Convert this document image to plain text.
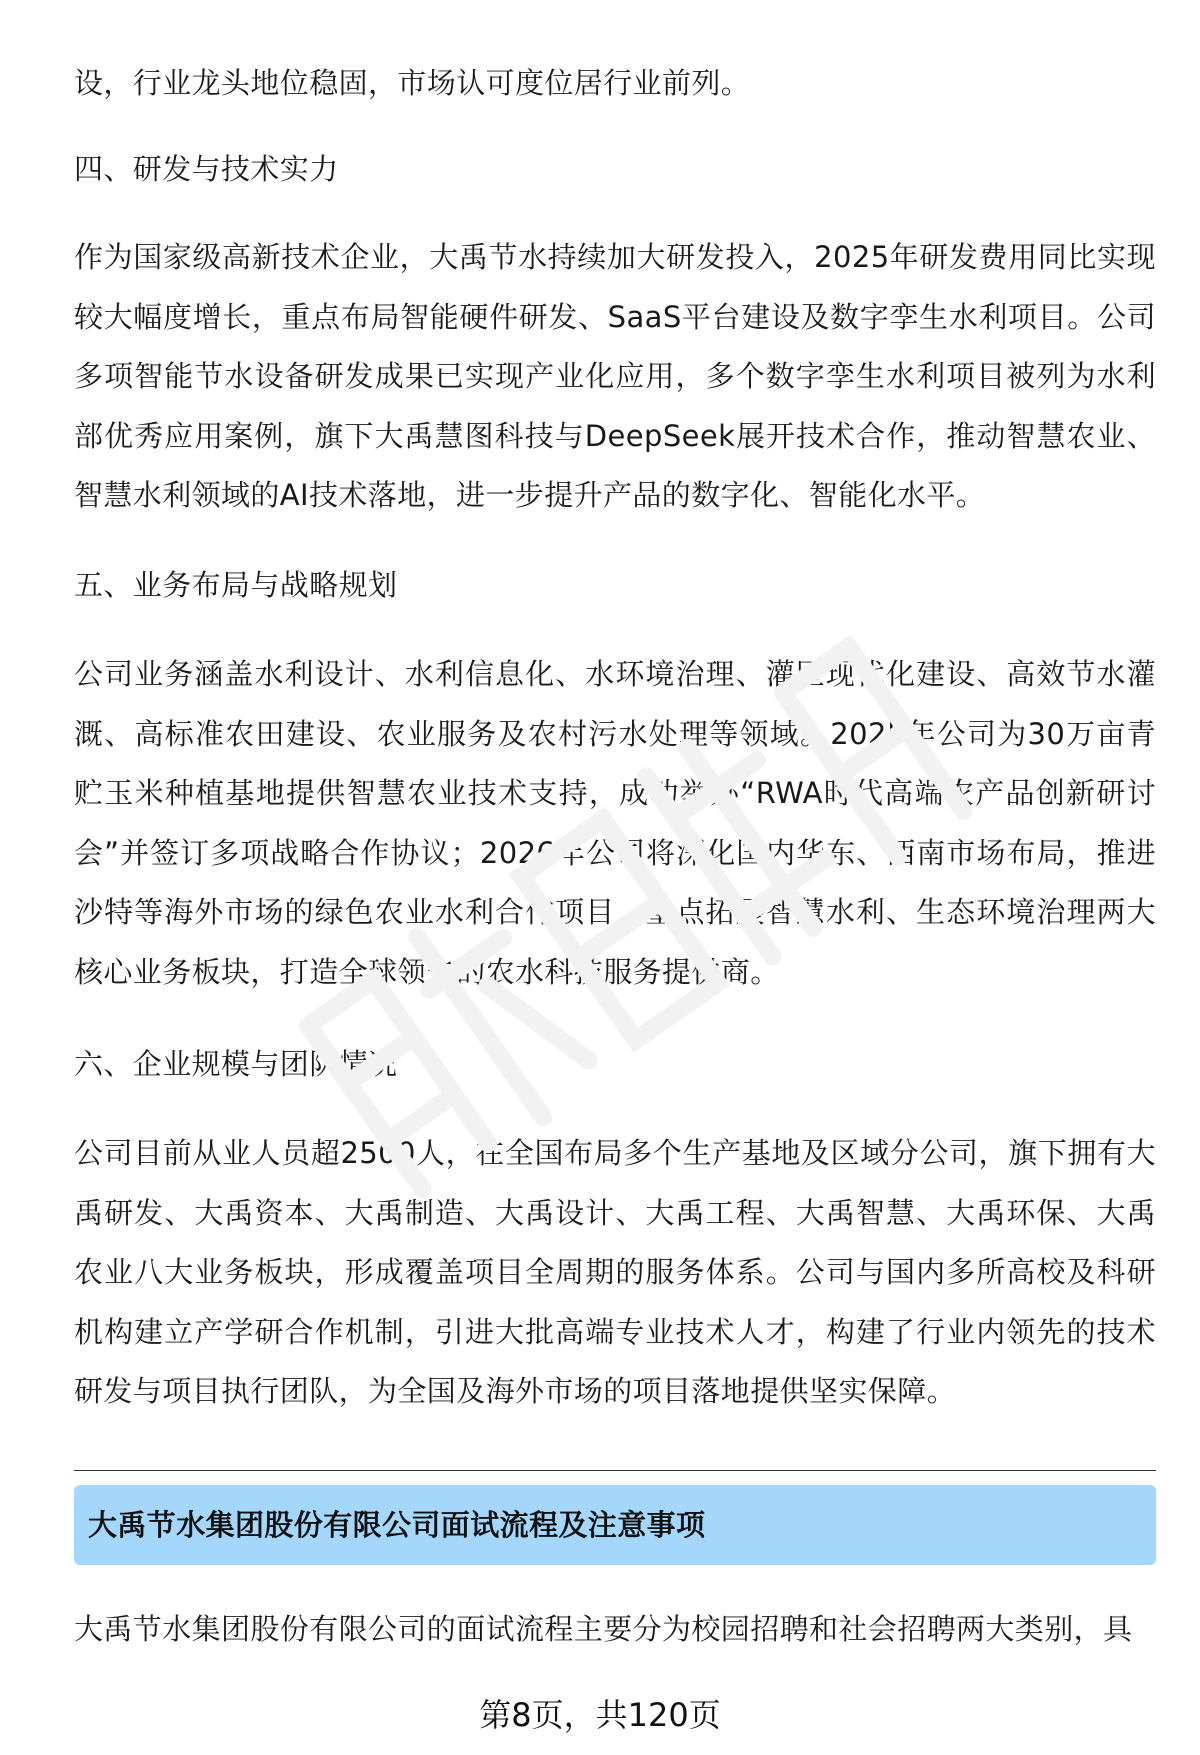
设，行业龙头地位稳固，市场认可度位居行业前列。

四、研发与技术实力

作为国家级高新技术企业，大禹节水持续加大研发投入，2025年研发费用同比实现较大幅度增长，重点布局智能硬件研发、SaaS平台建设及数字孪生水利项目。公司多项智能节水设备研发成果已实现产业化应用，多个数字孪生水利项目被列为水利部优秀应用案例，旗下大禹慧图科技与DeepSeek展开技术合作，推动智慧农业、智慧水利领域的AI技术落地，进一步提升产品的数字化、智能化水平。

五、业务布局与战略规划

公司业务涵盖水利设计、水利信息化、水环境治理、灌区现代化建设、高效节水灌溉、高标准农田建设、农业服务及农村污水处理等领域。2025年公司为30万亩青贮玉米种植基地提供智慧农业技术支持，成功举办“RWA时代高端农产品创新研讨会”并签订多项战略合作协议；2026年公司将深化国内华东、西南市场布局，推进沙特等海外市场的绿色农业水利合作项目，重点拓展智慧水利、生态环境治理两大核心业务板块，打造全球领先的农水科技服务提供商。

六、企业规模与团队情况

公司目前从业人员超2500人，在全国布局多个生产基地及区域分公司，旗下拥有大禹研发、大禹资本、大禹制造、大禹设计、大禹工程、大禹智慧、大禹环保、大禹农业八大业务板块，形成覆盖项目全周期的服务体系。公司与国内多所高校及科研机构建立产学研合作机制，引进大批高端专业技术人才，构建了行业内领先的技术研发与项目执行团队，为全国及海外市场的项目落地提供坚实保障。

大禹节水集团股份有限公司面试流程及注意事项

大禹节水集团股份有限公司的面试流程主要分为校园招聘和社会招聘两大类别，具

第8页，共120页
